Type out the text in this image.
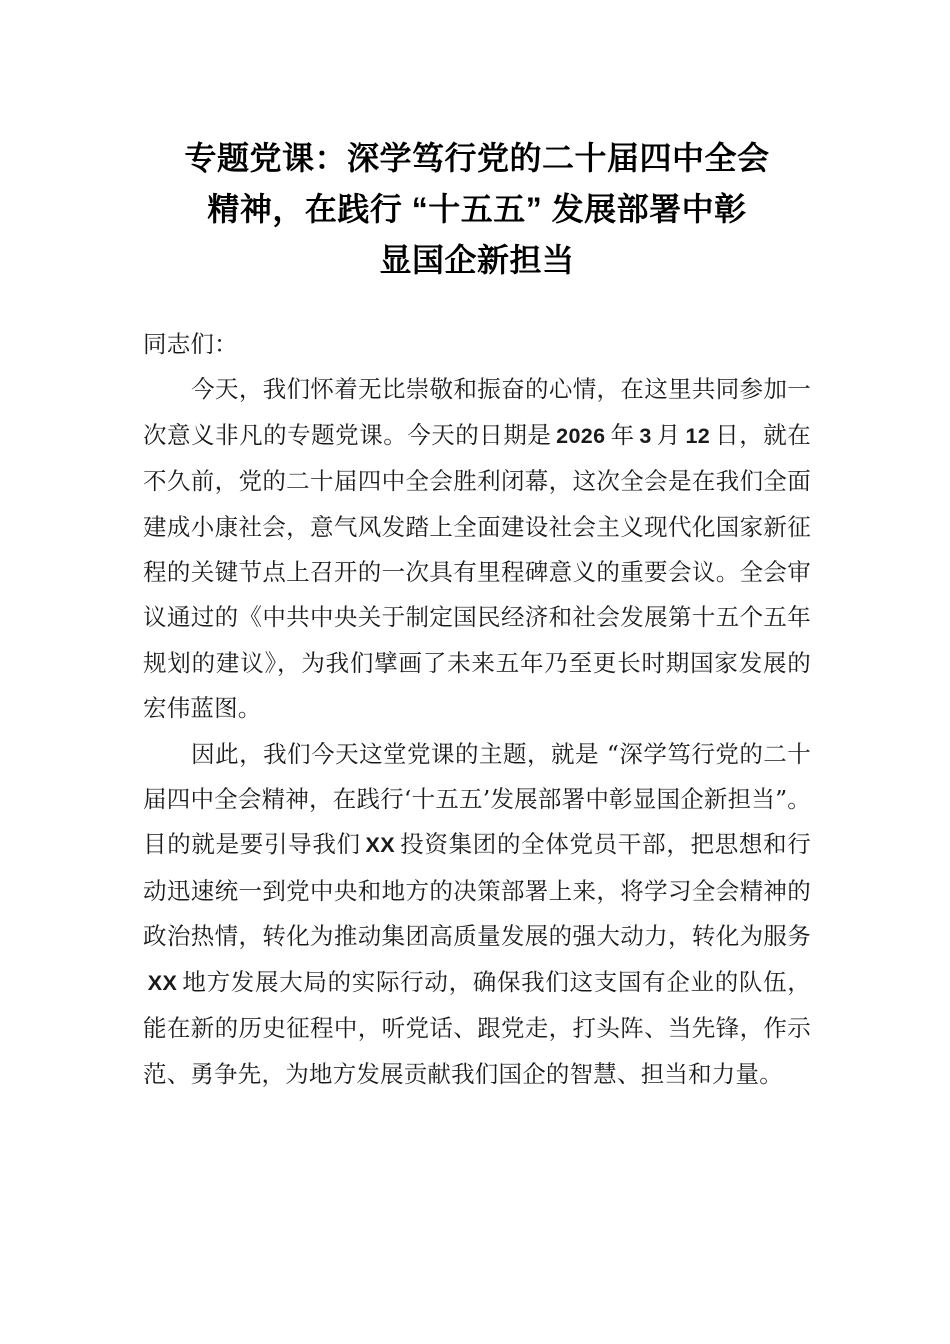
专题党课：深学笃行党的二十届四中全会
精神，在践行 “十五五” 发展部署中彰
显国企新担当

同志们：

今天，我们怀着无比崇敬和振奋的心情，在这里共同参加一次意义非凡的专题党课。今天的日期是 2026 年 3 月 12 日，就在不久前，党的二十届四中全会胜利闭幕，这次全会是在我们全面建成小康社会，意气风发踏上全面建设社会主义现代化国家新征程的关键节点上召开的一次具有里程碑意义的重要会议。全会审议通过的《中共中央关于制定国民经济和社会发展第十五个五年规划的建议》，为我们擘画了未来五年乃至更长时期国家发展的宏伟蓝图。

因此，我们今天这堂党课的主题，就是 “深学笃行党的二十届四中全会精神，在践行‘十五五’发展部署中彰显国企新担当”。目的就是要引导我们 XX 投资集团的全体党员干部，把思想和行动迅速统一到党中央和地方的决策部署上来，将学习全会精神的政治热情，转化为推动集团高质量发展的强大动力，转化为服务XX 地方发展大局的实际行动，确保我们这支国有企业的队伍，能在新的历史征程中，听党话、跟党走，打头阵、当先锋，作示范、勇争先，为地方发展贡献我们国企的智慧、担当和力量。
